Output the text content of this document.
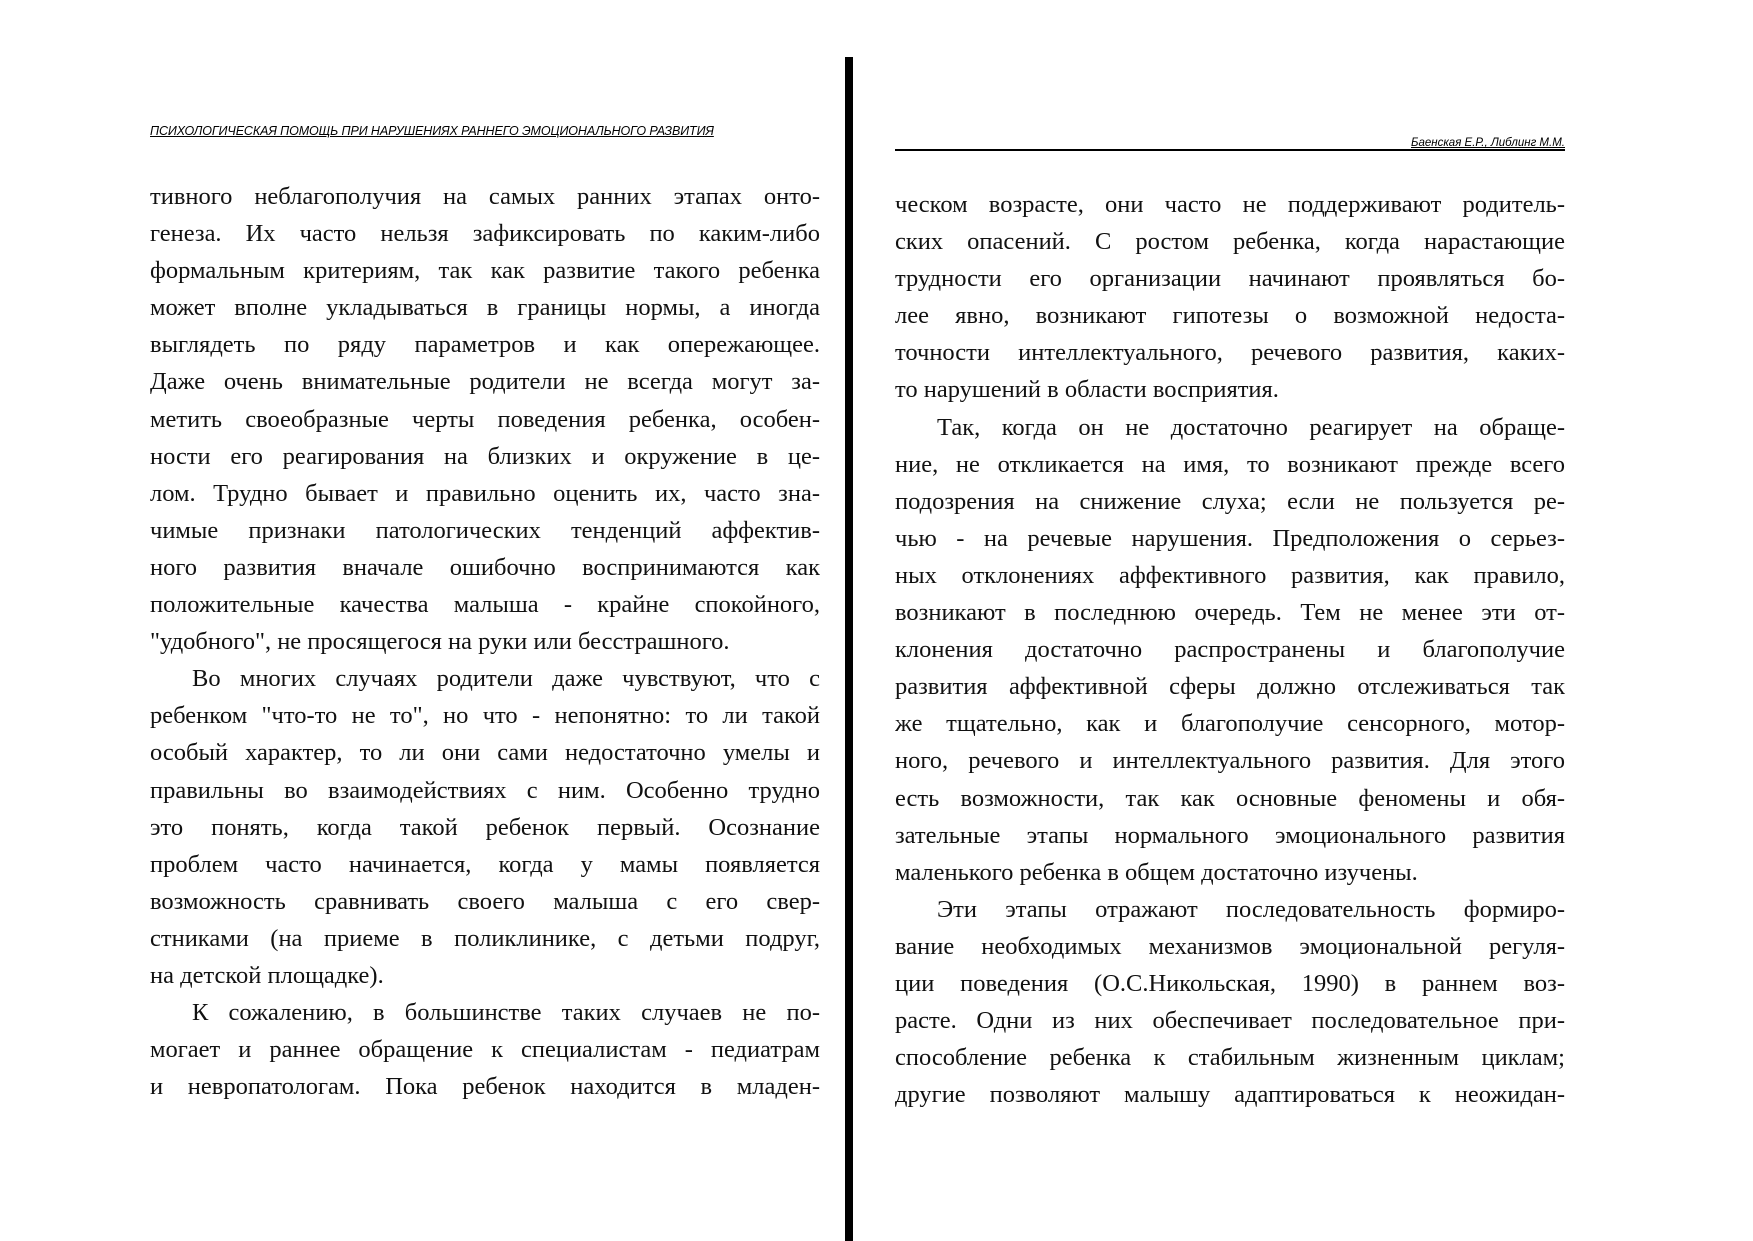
ПСИХОЛОГИЧЕСКАЯ ПОМОЩЬ ПРИ НАРУШЕНИЯХ РАННЕГО ЭМОЦИОНАЛЬНОГО РАЗВИТИЯ
тивного неблагополучия на самых ранних этапах онто-
генеза. Их часто нельзя зафиксировать по каким-либо
формальным критериям, так как развитие такого ребенка
может вполне укладываться в границы нормы, а иногда
выглядеть по ряду параметров и как опережающее.
Даже очень внимательные родители не всегда могут за-
метить своеобразные черты поведения ребенка, особен-
ности его реагирования на близких и окружение в це-
лом. Трудно бывает и правильно оценить их, часто зна-
чимые признаки патологических тенденций аффектив-
ного развития вначале ошибочно воспринимаются как
положительные качества малыша - крайне спокойного,
"удобного", не просящегося на руки или бесстрашного.
Во многих случаях родители даже чувствуют, что с
ребенком "что-то не то", но что - непонятно: то ли такой
особый характер, то ли они сами недостаточно умелы и
правильны во взаимодействиях с ним. Особенно трудно
это понять, когда такой ребенок первый. Осознание
проблем часто начинается, когда у мамы появляется
возможность сравнивать своего малыша с его свер-
стниками (на приеме в поликлинике, с детьми подруг,
на детской площадке).
К сожалению, в большинстве таких случаев не по-
могает и раннее обращение к специалистам - педиатрам
и невропатологам. Пока ребенок находится в младен-
Баенская Е.Р., Либлинг М.М.
ческом возрасте, они часто не поддерживают родитель-
ских опасений. С ростом ребенка, когда нарастающие
трудности его организации начинают проявляться бо-
лее явно, возникают гипотезы о возможной недоста-
точности интеллектуального, речевого развития, каких-
то нарушений в области восприятия.
Так, когда он не достаточно реагирует на обраще-
ние, не откликается на имя, то возникают прежде всего
подозрения на снижение слуха; если не пользуется ре-
чью - на речевые нарушения. Предположения о серьез-
ных отклонениях аффективного развития, как правило,
возникают в последнюю очередь. Тем не менее эти от-
клонения достаточно распространены и благополучие
развития аффективной сферы должно отслеживаться так
же тщательно, как и благополучие сенсорного, мотор-
ного, речевого и интеллектуального развития. Для этого
есть возможности, так как основные феномены и обя-
зательные этапы нормального эмоционального развития
маленького ребенка в общем достаточно изучены.
Эти этапы отражают последовательность формиро-
вание необходимых механизмов эмоциональной регуля-
ции поведения (О.С.Никольская, 1990) в раннем воз-
расте. Одни из них обеспечивает последовательное при-
способление ребенка к стабильным жизненным циклам;
другие позволяют малышу адаптироваться к неожидан-
